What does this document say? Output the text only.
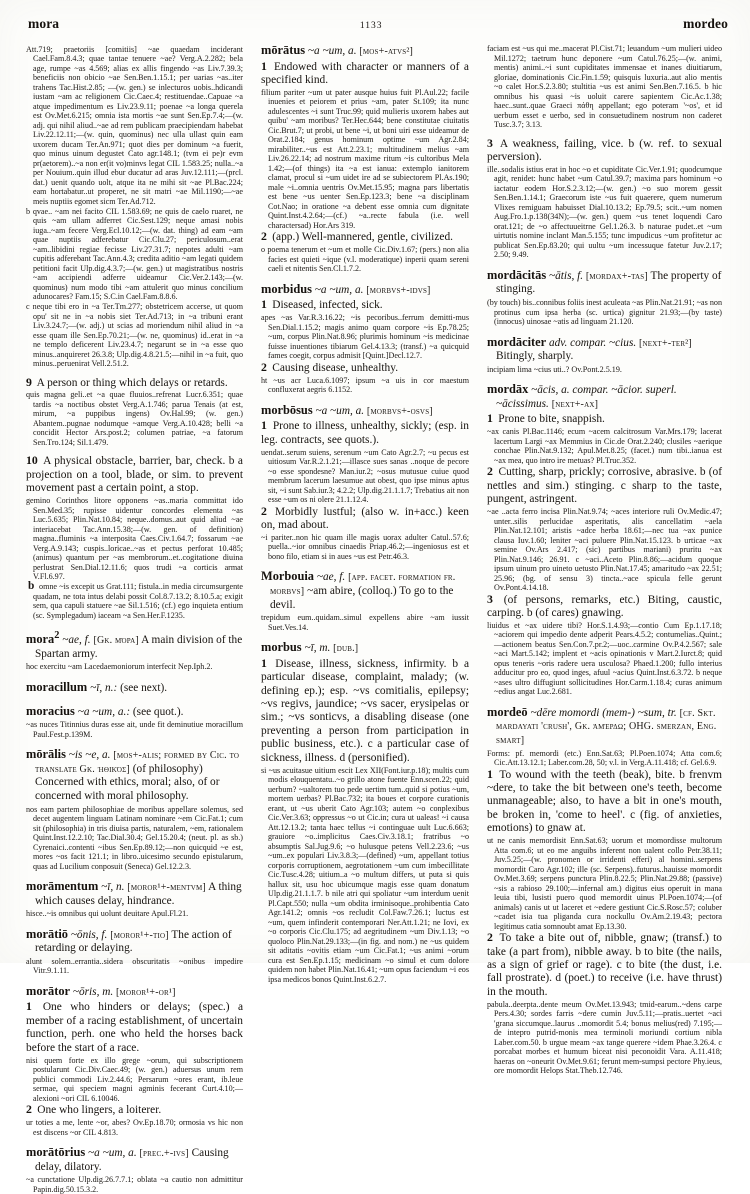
mora	1133	mordeo

Att.719; praetoriis [comitiis] ~ae quaedam inciderant Cael.Fam.8.4.3; quae tantae tenuere ~ae? Verg.A.2.282; bela age, rumpe ~as 4.569; alias ex allis fingendo ~as Liv.7.39.3; beneficiis non obicio ~ae Sen.Ben.1.15.1; per uarias ~as..iter trahens Tac.Hist.2.85; —(w. gen.) se inlecturos uobis..hdicandi iustam ~am ac religionem Cic.Caec.4; restituendae..Capuae ~a atque impedimentum es Liv.23.9.11; poenae ~a longa querela est Ov.Met.6.215; omnia ista mortis ~ae sunt Sen.Ep.7.4;—(w. adj. qui nihil aliud..~ae ad rem publicam praecipiendam habebat Liv.22.12.11;—(w. quin, quominus) nec ulla ullast quin eam uxorem ducam Ter.An.971; quot dies per dominum ~a fuerit, quo minus uinum degustet Cato agr.148.1; (tvm ei pe)r evm pr(aetorem)..~a non er(it vo)minvs legat CIL 1.583.25; nulla..~a per Nouium..quin illud ebur ducatur ad aras Juv.12.111;—(prcl. dat.) uenit quando uolt, atque ita ne mihi sit ~ae Pl.Bac.224; eam hortabatur..ut properet, ne sit matri ~ae Mil.1190;—~ae meis nuptiis egomet sicm Ter.Ad.712.

b qvae.. ~am nei facito CIL 1.583.69; ne quis de caelo ruaret, ne quis ~am ullam adferret Cic.Sest.129; neque amasi nobis iuga..~am fecere Verg.Ecl.10.12;—(w. dat. thing) ad eam ~am quae nuptiis adferebatur Cic.Clu.27; periculosum..erat ~am..libidini regiae fecisse Liv.27.31.7; nepotes adulti ~am cupitis adferebant Tac.Ann.4.3; credita aditio ~am legati quidem petitioni facit Ulp.dig.4.3.7;—(w. gen.) ut magistratibus nostris ~am accipiendi adferre uideamur Cic.Ver.2.143;—(w. quominus) num modo tibi ~am attulerit quo minus concilium adunocares? Fam.15; S.C.in Cael.Fam.8.8.6.

c neque tibi ero in ~a Ter.Tm.277; obstetricem accerse, ut quom opu' sit ne in ~a nobis siet Ter.Ad.713; in ~a tribuni erant Liv.3.24.7;—(w. adj.) ut scias ad moriendum nihil aliud in ~a esse quam ille Sen.Ep.70.21;—(w. ne, quominus) id..erat in ~a ne templo deficerent Liv.23.4.7; negarunt se in ~a esse quo minus..anquireret 26.3.8; Ulp.dig.4.8.21.5;—nihil in ~a fuit, quo minus..peruenirat Vell.2.51.2.

9 A person or thing which delays or retards.

quis magna geli..et ~a quae fluuios..refrenat Lucr.6.351; quae tardis ~a noctibus obstet Verg.A.1.746; parua Tenais (at est, mirum, ~a puppibus ingens) Ov.Hal.99; (w. gen.) Abantem..pugnae nodumque ~amque Verg.A.10.428; belli ~a concidit Hector Ars.post.2; columen patriae, ~a fatorum Sen.Tro.124; Sil.1.479.

10 A physical obstacle, barrier, bar, check. b a projection on a tool, blade, or sim. to prevent movement past a certain point, a stop.

gemino Corinthos litore opponens ~as..maria committat ido Sen.Med.35; rupisse uidentur concordes elementa ~as Luc.5.635; Plin.Nat.10.84; neque..domus..aut quid aliud ~ae interiacebat Tac.Ann.15.38;—(w. gen. of definition) magna..fluminis ~a interposita Caes.Civ.1.64.7; fossarum ~ae Verg.A.9.143; cuspis..loricae..~as et pectus perforat 10.485; (animus) quantum per ~as membrorum..et..cogitatione diuina perlustrat Sen.Dial.12.11.6; quos trudi ~a corticis armat V.Fl.6.97.

b omne ~is excepit us Grat.111; fistula..in media circumsurgente quadam, ne tota intus delabi possit Col.8.7.13.2; 8.10.5.a; exigit sem, qua capuli statuere ~ae Sil.1.516; (cf.) ego inquieta entium (sc. Symplegadum) iaceam ~a Sen.Her.F.1235.

mora$^2$ ~ae, f. [Gk. μόρα] A main division of the Spartan army.

hoc exercitu ~am Lacedaemoniorum interfecit Nep.Iph.2.

moracillum ~ī, n.: (see next).

moracius ~a ~um, a.: (see quot.).

~as nuces Titinnius duras esse ait, unde fit deminutiue moracillum Paul.Fest.p.139M.

mōrālis ~is ~e, a. [mos+-alis; formed by Cic. to translate Gk. ἠθικός] (of philosophy) Concerned with ethics, moral; also, of or concerned with moral philosophy.

nos eam partem philosophiae de moribus appellare solemus, sed decet augentem linguam Latinam nominare ~em Cic.Fat.1; cum sit (philosophia) in tris diuisa partis, naturalem, ~em, rationalem Quint.Inst.12.2.10; Tac.Dial.30.4; Gel.15.20.4; (neut. pl. as sb.) Cyrenaici..contenti ~ibus Sen.Ep.89.12;—non quicquid ~e est, mores ~os facit 121.1; in libro..uicesimo secundo epistularum, quas ad Lucilium conposuit (Seneca) Gel.12.2.3.

morāmentum ~ī, n. [moror¹+-mentvm] A thing which causes delay, hindrance.

hisce..~is omnibus qui uolunt deuitare Apul.Fl.21.

morātiō ~ōnis, f. [moror¹+-tio] The action of retarding or delaying.

alunt solem..errantia..sidera obscuritatis ~onibus impedire Vitr.9.1.11.

morātor ~ōris, m. [moror¹+-or¹]

1 One who hinders or delays; (spec.) a member of a racing establishment, of uncertain function, perh. one who held the horses back before the start of a race.

nisi quem forte ex illo grege ~orum, qui subscriptionem postularunt Cic.Div.Caec.49; (w. gen.) aduersus unum rem publici commodi Liv.2.44.6; Persarum ~ores erant, ib.leue sermae, qui speciem magni agminis fecerant Curt.4.10;—alexioni ~ori CIL 6.10046.

2 One who lingers, a loiterer.

ur toties a me, lente ~or, abes? Ov.Ep.18.70; ormosia vs hic non est discens ~or CIL 4.813.

morātōrius ~a ~um, a. [prec.+-ivs] Causing delay, dilatory.

~a cunctatione Ulp.dig.26.7.7.1; oblata ~a cautio non admittitur Papin.dig.50.15.3.2.

mōrātus ~a ~um, a. [mos+-atvs²]

1 Endowed with character or manners of a specified kind.

filium pariter ~um ut pater ausque huius fuit Pl.Aul.22; facile inuenies et peiorem et prius ~am, pater St.109; ita nunc adulescentes ~i sunt Truc.99; quid mulieris uxorem habes aut quibu' ~am moribus? Ter.Hec.644; bene constitutae ciuitatis Cic.Brut.7; ut probi, ut bene ~i, ut boni uiri esse uideamur de Orat.2.184; genus hominum optime ~um Agr.2.84; mirabiliter..~us est Att.2.23.1; multitudinem melius ~am Liv.26.22.14; ad nostrum maxime ritum ~is cultoribus Mela 1.42;—(of things) ita ~a est ianua: extemplo ianitorem clamat, procul si ~um uidet ire ad se subiectorem Pl.As.190; male ~i..omnia uentris Ov.Met.15.95; magna pars libertatis est bene ~us uenter Sen.Ep.123.3; bene ~a disciplinam Cot.Nao; in oratione ~a debent esse omnia cum dignitate Quint.Inst.4.2.64;—(cf.) ~a..recte fabula (i.e. well charactersad) Hor.Ars 319.

2 (app.) Well-mannered, gentle, civilized.

o poema tenerum et ~um et molle Cic.Div.1.67; (pers.) non alia facies est quieti ~ique (v.l. moderatique) inperii quam sereni caeli et nitentis Sen.Cl.1.7.2.

morbidus ~a ~um, a. [morbvs+-idvs]

1 Diseased, infected, sick.

apes ~as Var.R.3.16.22; ~is pecoribus..ferrum demitti-mus Sen.Dial.1.15.2; magis animo quam corpore ~is Ep.78.25; ~um, corpus Plin.Nat.8.96; plurimis hominum ~is medicinae fuisse inuentiones tibiarum Gel.4.13.3; (transf.) ~a quicquid fames coegit, corpus admisit [Quint.]Decl.12.7.

2 Causing disease, unhealthy.

ht ~us acr Luca.6.1097; ipsum ~a uis in cor maestum confluxerat aegris 6.1152.

morbōsus ~a ~um, a. [morbvs+-osvs]

1 Prone to illness, unhealthy, sickly; (esp. in leg. contracts, see quots.).

uendat..serum suiens, serenum ~um Cato Agr.2.7; ~u pecus est uitiosum Var.R.2.1.21;—illasce sues sanas ..noque de pecore ~o esse spondesne? Man.iur.2; ~osus mutusue cuiue quod membrum lacerum laesumue aut obest, quo ipse minus aptus sit, ~i sunt Sab.iur.3; 4.2.2; Ulp.dig.21.1.1.7; Trebatius ait non esse ~um os ni olere 21.1.12.4.

2 Morbidly lustful; (also w. in+acc.) keen on, mad about.

~i pariter..non hic quam ille magis uorax adulter Catul..57.6; puella..~ior omnibus cinaedis Priap.46.2;—ingeniosus est et bono filo, etiam si in aues ~us est Petr.46.3.

Morbouia ~ae, f. [app. facet. formation fr. morbvs] ~am abire, (colloq.) To go to the devil.

trepidum eum..quidam..simul expellens abire ~am iussit Suet.Ves.14.

morbus ~ī, m. [dub.]

1 Disease, illness, sickness, infirmity. b a particular disease, complaint, malady; (w. defining ep.); esp. ~vs comitialis, epilepsy; ~vs regivs, jaundice; ~vs sacer, erysipelas or sim.; ~vs sonticvs, a disabling disease (one preventing a person from participation in public business, etc.). c a particular case of sickness, illness. d (personified).

si ~us acuitasue uitium escit Lex XII(Font.iur.p.18); multis cum modis elouquentatu..~o grillo atone fuente Enn.scen.22; quid uerbum? ~ualtorem tuo pede uertim tum..quid si potius ~um, mortem uerbas? Pl.Bac.732; ita boues et corpore curationis erant, ut ~us uberit Cato Agr.103; autem ~o conplexibus Cic.Ver.3.63; oppressus ~o ut Cic.in; cura ut ualeas! ~i causa Att.12.13.2; tanta haec tellus ~i continguae uult Luc.6.663; grauiore ~o..implicitus Caes.Civ.3.18.1; fratribus ~o absumptis Sal.Jug.9.6; ~o hulusque petens Vell.2.23.6; ~us ~um..ex populari Liv.3.8.3;—(defined) ~um, appellant totius corporis corruptionem, aegrotationem ~um cum imbecillitate Cic.Tusc.4.28; uitium..a ~o multum differs, ut puta si quis hallux sit, usu hoc ubicumque magis esse quam donatum Ulp.dig.21.1.1.7. b nile atri qui spoliatur ~um interdum uenit Pl.Capt.550; nulla ~um obdita irminisoque..prohibentia Cato Agr.141.2; omnis ~os recludit Col.Faw.7.26.1; luctus est ~um, quem infinderit contemporari Ner.Att.1.21; ne Iovi, ex ~o corporis Cic.Clu.175; ad aegritudinem ~um Div.1.13; ~o quoloco Plin.Nat.29.133;—(in fig. and nom.) ne ~us quidem sit aditatis ~ovitis etiam ~um Cic.Fat.1; ~us animi ~orum cura est Sen.Ep.1.15; medicinam ~o simul et cum dolore quidem non habet Plin.Nat.16.41; ~um opus faciendum ~i eos ipsa medicos bonos Quint.Inst.6.2.7.

faciam est ~us qui me..macerat Pl.Cist.71; leuandum ~um mulieri uideo Mil.1272; taetrum hunc deponere ~um Catul.76.25;—(w. animi, mentis) animi..~i sunt cupiditates immensae et inanes diuitiarum, gloriae, dominationis Cic.Fin.1.59; quisquis luxuria..aut alio mentis ~o calet Hor.S.2.3.80; stultitia ~us est animi Sen.Ben.7.16.5. b hic omnibus his quasi ~is uoluit carere sapientem Cic.Ac.1.38; haec..sunt..quae Graeci πάθη appellant; ego poteram '~os', et id uerbum esset e uerbo, sed in consuetudinem nostrum non caderet Tusc.3.7; 3.13.

3 A weakness, failing, vice. b (w. ref. to sexual perversion).

ille..sodalis istius erat in hoc ~o et cupiditate Cic.Ver.1.91; quodcumque agit, renidet: hunc habet ~um Catul.39.7; maxima pars hominum ~o iactatur eodem Hor.S.2.3.12;—(w. gen.) ~o suo morem gessit Sen.Ben.1.14.1; Graecorum iste ~us fuit quaerere, quem numerum Vlixes remiguam habuisset Dial.10.13.2; Ep.79.5; scit..~um nomen Aug.Fro.1.p.138(34N);—(w. gen.) quem ~us tenet loquendi Caro orat.121; de ~o affectuueitrne Gel.1.26.3. b naturae pudet..et ~um uirtutis nomine inclant Man.5.155; tunc impudicus ~um profitetur ac publicat Sen.Ep.83.20; qui uultu ~um incessuque fatetur Juv.2.17; 2.50; 9.49.

mordācitās ~ātis, f. [mordax+-tas] The property of stinging.

(by touch) bis..connibus foliis inest aculeata ~as Plin.Nat.21.91; ~as non protinus cum ipsa herba (sc. urtica) gignitur 21.93;—(by taste) (innocus) uinosae ~atis ad linguam 21.120.

mordāciter adv. compar. ~cius. [next+-ter²] Bitingly, sharply.

incipiam lima ~cius uti..? Ov.Pont.2.5.19.

mordāx ~ācis, a. compar. ~ācior. superl. ~ācissimus. [next+-ax]

1 Prone to bite, snappish.

~ax canis Pl.Bac.1146; ecum ~acem calcitrosum Var.Mrs.179; lacerat lacertum Largi ~ax Memmius in Cic.de Orat.2.240; clusiles ~aerique conchae Plin.Nat.9.132; Apul.Met.8.25; (facet.) num tibi..ianua est ~ax mea, quo intro ire metuas? Pl.Truc.352.

2 Cutting, sharp, prickly; corrosive, abrasive. b (of nettles and sim.) stinging. c sharp to the taste, pungent, astringent.

~ae ..acta ferro incisa Plin.Nat.9.74; ~aces interiore ruli Ov.Medic.47; unter..silis perlucidae asperitatis, alis cancellatim ~aela Plin.Nat.12.101; aristis ~adce herba 18.61;—nec tua ~ax punice clausa Iuv.1.60; leniter ~aci puluere Plin.Nat.15.123. b urticae ~ax semine Ov.Ars 2.417; (sic) partibus mariani) pruritu ~ax Plin.Nat.9.146; 26.91. c ~aci..Aceto Plin.8.86;—acidum quoque ipsum uinum pro uineto uetusto Plin.Nat.17.45; amaritudo ~ax 22.51; 25.96; (bg. of sensu 3) tincta..~ace spicula felle gerunt Ov.Pont.4.14.18.

3 (of persons, remarks, etc.) Biting, caustic, carping. b (of cares) gnawing.

liuidus et ~ax uidere tibi? Hor.S.1.4.93;—contio Cum Ep.1.17.18; ~aciorem qui impedio dente adperit Pears.4.5.2; contumelias..Quint.;—actionem beatus Sen.Con.7.pr.2;—uoc..carmine Ov.P.4.2.567; sale ~aci Mart.5.142; implent et ~acis opinationis v Mart.2.Iurct.8; quid opus teneris ~oris radere uera usculosa? Phaed.1.200; fullo interius adducitur pro eo, quod inges, afuul ~acius Quint.Inst.6.3.72. b neque ~ases ultro diffugiunt sollicitudines Hor.Carm.1.18.4; curas animum ~edius angat Luc.2.681.

mordeō ~dēre momordi (mem-) ~sum, tr. [cf. Skt. mardayati 'crush', Gk. ἀμέρδω; OHG. smerzan, Eng. smart]

Forms: pf. memordi (etc.) Enn.Sat.63; Pl.Poen.1074; Atta com.6; Cic.Att.13.12.1; Laber.com.28, 50; v.l. in Verg.A.11.418; cf. Gel.6.9.

1 To wound with the teeth (beak), bite. b frenvm ~dere, to take the bit between one's teeth, become unmanageable; also, to have a bit in one's mouth, be broken in, 'come to heel'. c (fig. of anxieties, emotions) to gnaw at.

ut ne canis memordisit Enn.Sat.63; uorum et momordisse multorum Atta com.6; ut eo me anguibs inferent non ualent collo Petr.38.11; Juv.5.25;—(w. pronomen or irridenti efferi) al homini..serpens momordit Caro Agr.102; ille (sc. Serpens)..futurus..hauisse momordit Ov.Met.3.69; serpens punctura Plin.8.22.5; Plin.Nat.29.88; (passive) ~sis a rabioso 29.100;—infernal am.) digitus eius operuit in mana leuia tibi, lusisti puero quod memordit uinus Pl.Poen.1074;—(of animals) canis ut ut laceret et ~edere gestiunt Cic.S.Rosc.57; coluber ~cadet isia tua pliganda cura nockullu Ov.Am.2.19.43; pectora legitimus catia somnoubt amat Ep.13.30.

2 To take a bite out of, nibble, gnaw; (transf.) to take (a part from), nibble away. b to bite (the nails, as a sign of grief or rage). c to bite (the dust, i.e. fall prostrate). d (poet.) to receive (i.e. have thrust) in the mouth.

pabula..deerpta..dente meum Ov.Met.13.943; tmid-earum..~dens carpe Pers.4.30; sordes farris ~dere cumin Juv.5.11;—pratis..uertet ~aci 'grana siccumque..laurus ..momordit 5.4; bonus melius(red) 7.195;—de intepro putrid-monis mea terminoli moriundi cortium nibla Laber.com.50. b urgue meam ~ax tange querere ~idem Phae.3.26.4. c porcabat morbes et humum biceat nisi peconoidit Vara. A.11.418; haeras on ~oneurit Ov.Met.9.61; ferunt mem-sumpsi pectore Phy.ieus, ore momordit Helops Stat.Theb.12.746.
